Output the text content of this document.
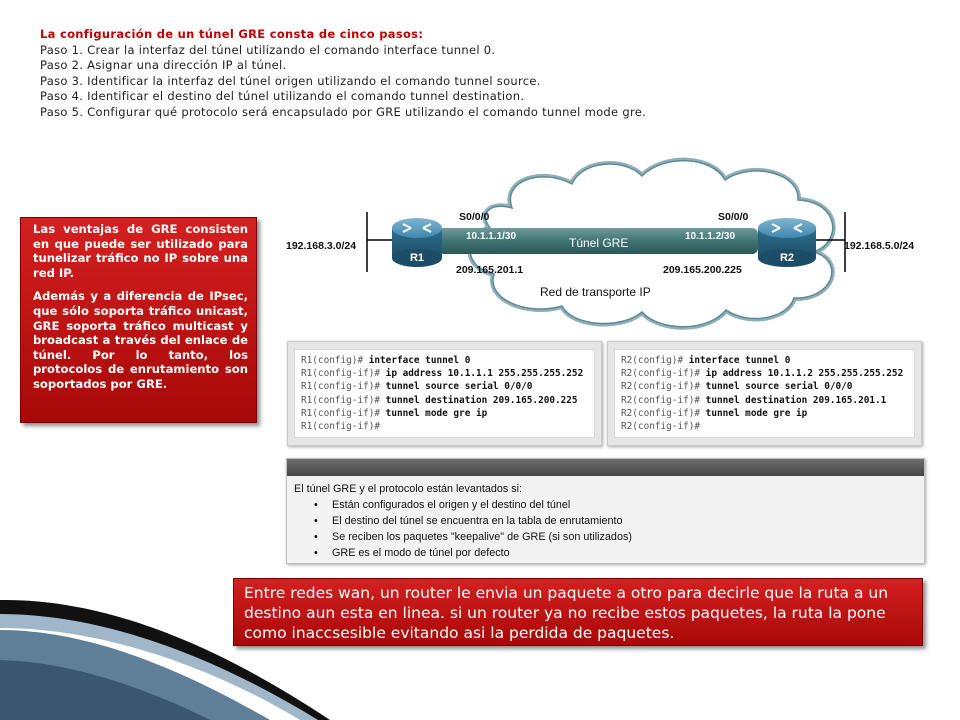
La configuración de un túnel GRE consta de cinco pasos:
Paso 1. Crear la interfaz del túnel utilizando el comando interface tunnel 0.
Paso 2. Asignar una dirección IP al túnel.
Paso 3. Identificar la interfaz del túnel origen utilizando el comando tunnel source.
Paso 4. Identificar el destino del túnel utilizando el comando tunnel destination.
Paso 5. Configurar qué protocolo será encapsulado por GRE utilizando el comando tunnel mode gre.

Las ventajas de GRE consisten en que puede ser utilizado para tunelizar tráfico no IP sobre una red IP.

Además y a diferencia de IPsec, que sólo soporta tráfico unicast, GRE soporta tráfico multicast y broadcast a través del enlace de túnel. Por lo tanto, los protocolos de enrutamiento son soportados por GRE.

192.168.3.0/24	192.168.5.0/24
S0/0/0	S0/0/0
10.1.1.1/30	10.1.1.2/30
Túnel GRE
R1	R2
209.165.201.1	209.165.200.225
Red de transporte IP
R1(config)# interface tunnel 0
R1(config-if)# ip address 10.1.1.1 255.255.255.252
R1(config-if)# tunnel source serial 0/0/0
R1(config-if)# tunnel destination 209.165.200.225
R1(config-if)# tunnel mode gre ip
R1(config-if)#
R2(config)# interface tunnel 0
R2(config-if)# ip address 10.1.1.2 255.255.255.252
R2(config-if)# tunnel source serial 0/0/0
R2(config-if)# tunnel destination 209.165.201.1
R2(config-if)# tunnel mode gre ip
R2(config-if)#
El túnel GRE y el protocolo están levantados si:
• Están configurados el origen y el destino del túnel
• El destino del túnel se encuentra en la tabla de enrutamiento
• Se reciben los paquetes "keepalive" de GRE (si son utilizados)
• GRE es el modo de túnel por defecto
Entre redes wan, un router le envia un paquete a otro para decirle que la ruta a un destino aun esta en linea. si un router ya no recibe estos paquetes, la ruta la pone como inaccsesible evitando asi la perdida de paquetes.
